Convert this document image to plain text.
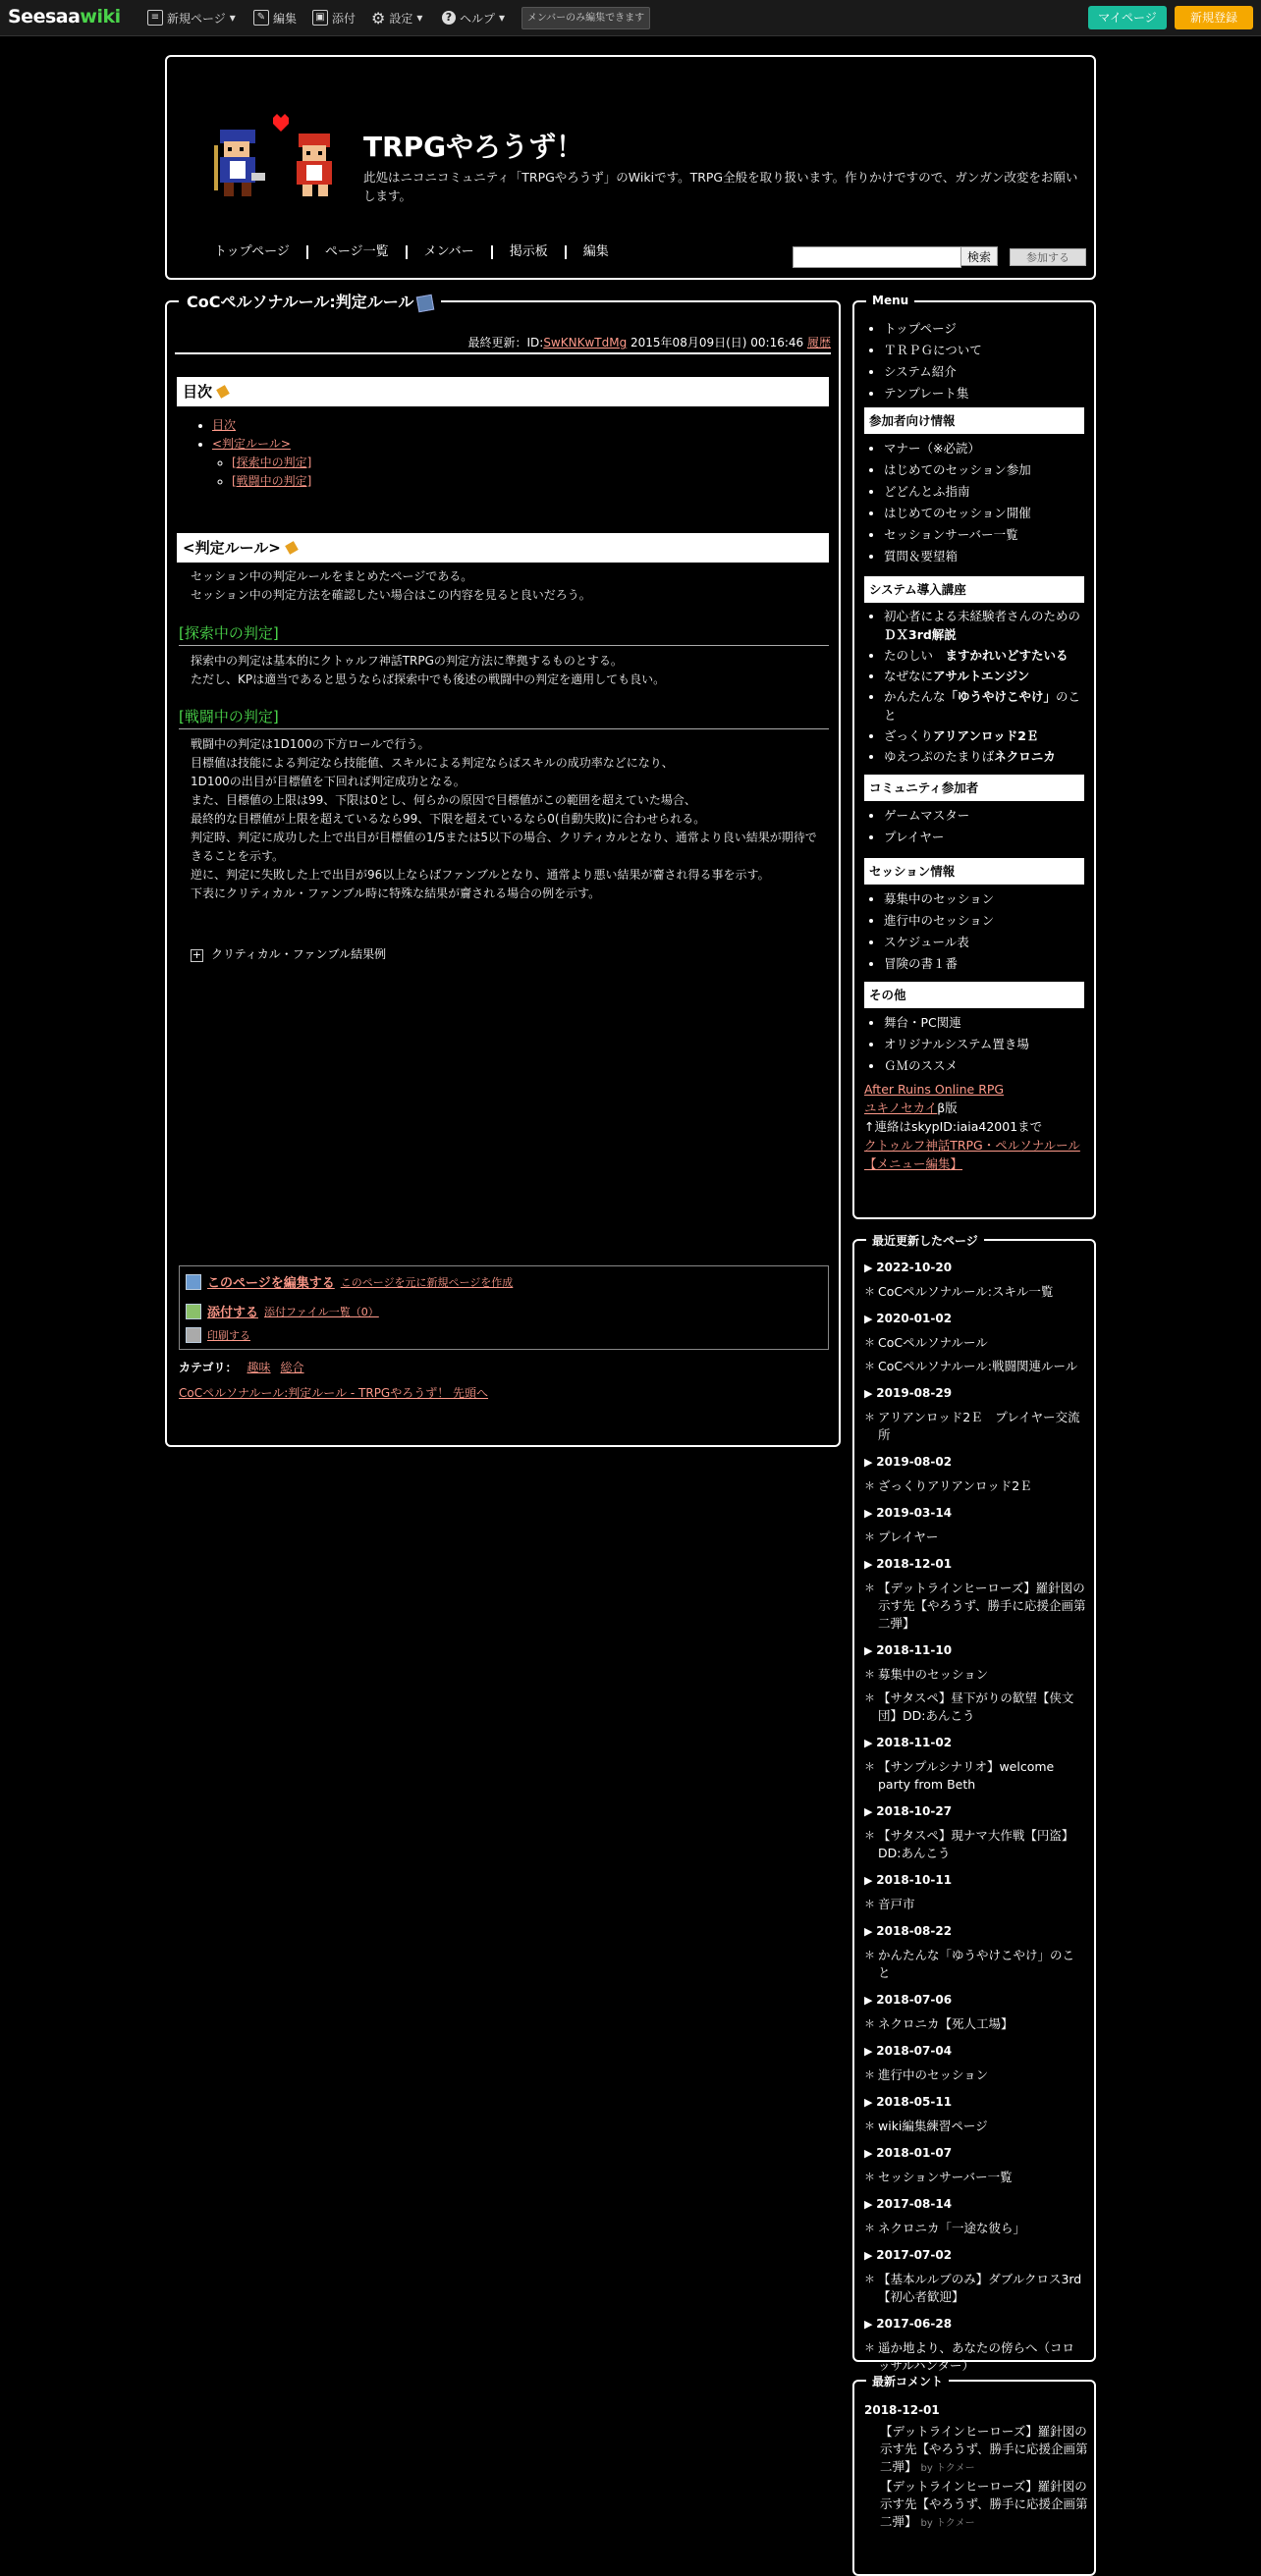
Seesaawiki	≡ 新規ページ ▾	✎ 編集	▣ 添付 ⚙ 設定 ▾	? ヘルプ ▾	メンバーのみ編集できます	マイページ	新規登録
TRPGやろうず！
此処はニコニコミュニティ「TRPGやろうず」のWikiです。TRPG全般を取り扱います。作りかけですので、ガンガン改変をお願いします。
トップページ	ページ一覧	メンバー	掲示板	編集	検索	参加する
CoCペルソナルール:判定ルール
最終更新：ID:SwKNKwTdMg 2015年08月09日(日) 00:16:46 履歴
目次
• 目次
• <判定ルール>
◦ [探索中の判定]
◦ [戦闘中の判定]
<判定ルール>
セッション中の判定ルールをまとめたページである。
セッション中の判定方法を確認したい場合はこの内容を見ると良いだろう。
[探索中の判定]
探索中の判定は基本的にクトゥルフ神話TRPGの判定方法に準拠するものとする。
ただし、KPは適当であると思うならば探索中でも後述の戦闘中の判定を適用しても良い。
[戦闘中の判定]
戦闘中の判定は1D100の下方ロールで行う。
目標値は技能による判定なら技能値、スキルによる判定ならばスキルの成功率などになり、
1D100の出目が目標値を下回れば判定成功となる。
また、目標値の上限は99、下限は0とし、何らかの原因で目標値がこの範囲を超えていた場合、
最終的な目標値が上限を超えているなら99、下限を超えているなら0(自動失敗)に合わせられる。
判定時、判定に成功した上で出目が目標値の1/5または5以下の場合、クリティカルとなり、通常より良い結果が期待できることを示す。
逆に、判定に失敗した上で出目が96以上ならばファンブルとなり、通常より悪い結果が齎され得る事を示す。
下表にクリティカル・ファンブル時に特殊な結果が齎される場合の例を示す。
+ クリティカル・ファンブル結果例
このページを編集する このページを元に新規ページを作成
添付する 添付ファイル一覧（0）
印刷する
カテゴリ： 趣味 総合
CoCペルソナルール:判定ルール - TRPGやろうず！ 先頭へ
Menu
• トップページ
• ＴＲＰＧについて
• システム紹介
• テンプレート集
参加者向け情報
• マナー（※必読）
• はじめてのセッション参加
• どどんとふ指南
• はじめてのセッション開催
• セッションサーバー一覧
• 質問＆要望箱
システム導入講座
• 初心者による未経験者さんのためのＤＸ3rd解説
• たのしい　ますかれいどすたいる
• なぜなにアサルトエンジン
• かんたんな「ゆうやけこやけ」のこと
• ざっくりアリアンロッド2Ｅ
• ゆえつぷのたまりばネクロニカ
コミュニティ参加者
• ゲームマスター
• プレイヤー
セッション情報
• 募集中のセッション
• 進行中のセッション
• スケジュール表
• 冒険の書１番
その他
• 舞台・PC関連
• オリジナルシステム置き場
• ＧＭのススメ
After Ruins Online RPG
ユキノセカイβ版
↑連絡はskypID:iaia42001まで
クトゥルフ神話TRPG・ペルソナルール
【メニュー編集】
最近更新したページ
▶ 2022-10-20
＊ CoCペルソナルール:スキル一覧
▶ 2020-01-02
＊ CoCペルソナルール
＊ CoCペルソナルール:戦闘関連ルール
▶ 2019-08-29
＊ アリアンロッド2Ｅ　プレイヤー交流所
▶ 2019-08-02
＊ ざっくりアリアンロッド2Ｅ
▶ 2019-03-14
＊ プレイヤー
▶ 2018-12-01
＊ 【デットラインヒーローズ】羅針図の示す先【やろうず、勝手に応援企画第二弾】
▶ 2018-11-10
＊ 募集中のセッション
＊ 【サタスペ】昼下がりの歓望【侠文団】DD:あんこう
▶ 2018-11-02
＊ 【サンプルシナリオ】welcome party from Beth
▶ 2018-10-27
＊ 【サタスペ】現ナマ大作戦【円盗】　DD:あんこう
▶ 2018-10-11
＊ 音戸市
▶ 2018-08-22
＊ かんたんな「ゆうやけこやけ」のこと
▶ 2018-07-06
＊ ネクロニカ【死人工場】
▶ 2018-07-04
＊ 進行中のセッション
▶ 2018-05-11
＊ wiki編集練習ページ
▶ 2018-01-07
＊ セッションサーバー一覧
▶ 2017-08-14
＊ ネクロニカ「一途な彼ら」
▶ 2017-07-02
＊ 【基本ルルブのみ】ダブルクロス3rd【初心者歓迎】
▶ 2017-06-28
＊ 遥か地より、あなたの傍らへ（コロッサルハンター）
最新コメント
2018-12-01
【デットラインヒーローズ】羅針図の示す先【やろうず、勝手に応援企画第二弾】 by トクメー
【デットラインヒーローズ】羅針図の示す先【やろうず、勝手に応援企画第二弾】 by トクメー
